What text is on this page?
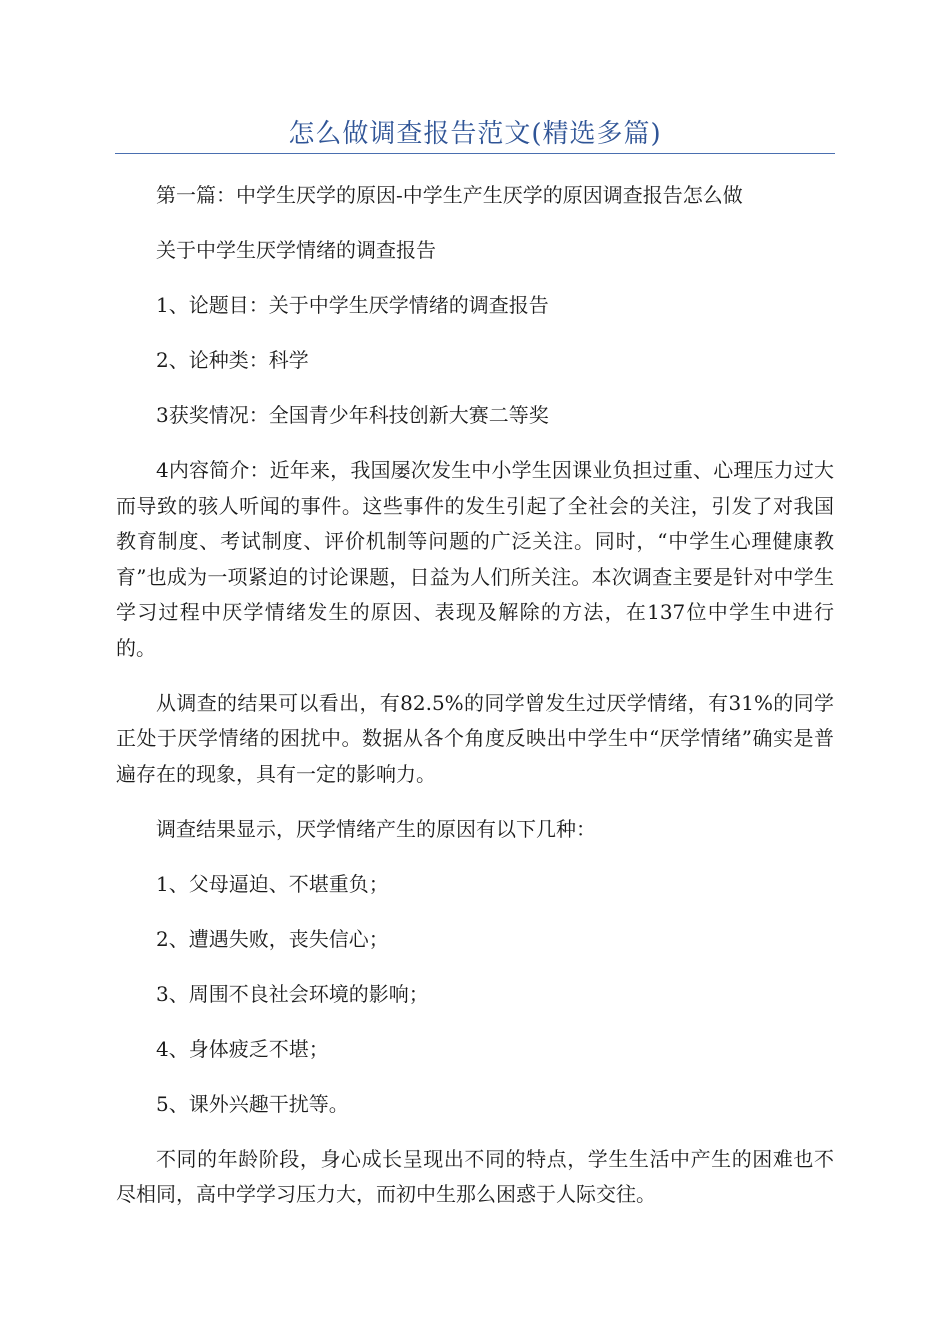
怎么做调查报告范文(精选多篇)

第一篇：中学生厌学的原因-中学生产生厌学的原因调查报告怎么做

关于中学生厌学情绪的调查报告

1、论题目：关于中学生厌学情绪的调查报告

2、论种类：科学

3获奖情况：全国青少年科技创新大赛二等奖

4内容简介：近年来，我国屡次发生中小学生因课业负担过重、心理压力过大而导致的骇人听闻的事件。这些事件的发生引起了全社会的关注，引发了对我国教育制度、考试制度、评价机制等问题的广泛关注。同时，“中学生心理健康教育”也成为一项紧迫的讨论课题，日益为人们所关注。本次调查主要是针对中学生学习过程中厌学情绪发生的原因、表现及解除的方法，在137位中学生中进行的。

从调查的结果可以看出，有82.5%的同学曾发生过厌学情绪，有31%的同学正处于厌学情绪的困扰中。数据从各个角度反映出中学生中“厌学情绪”确实是普遍存在的现象，具有一定的影响力。

调查结果显示，厌学情绪产生的原因有以下几种：

1、父母逼迫、不堪重负；

2、遭遇失败，丧失信心；

3、周围不良社会环境的影响；

4、身体疲乏不堪；

5、课外兴趣干扰等。

不同的年龄阶段，身心成长呈现出不同的特点，学生生活中产生的困难也不尽相同，高中学学习压力大，而初中生那么困惑于人际交往。
